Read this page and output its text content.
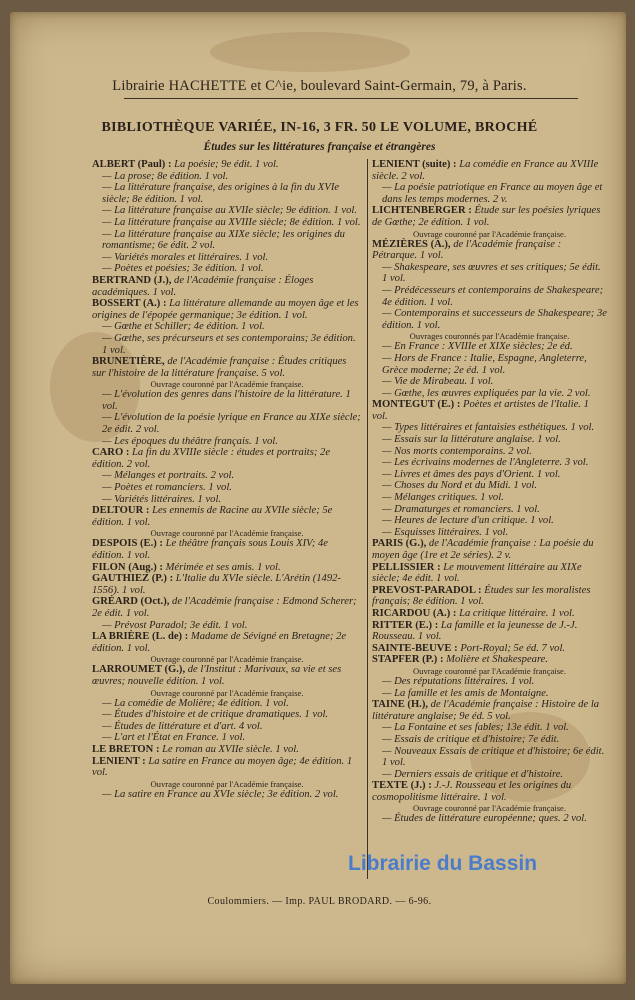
Librairie HACHETTE et C^ie, boulevard Saint-Germain, 79, à Paris.
BIBLIOTHÈQUE VARIÉE, IN-16, 3 FR. 50 LE VOLUME, BROCHÉ
Études sur les littératures française et étrangères

ALBERT (Paul) : La poésie; 9e édit. 1 vol.

— La prose; 8e édition. 1 vol.

— La littérature française, des origines à la fin du XVIe siècle; 8e édition. 1 vol.

— La littérature française au XVIIe siècle; 9e édition. 1 vol.

— La littérature française au XVIIIe siècle; 8e édition. 1 vol.

— La littérature française au XIXe siècle; les origines du romantisme; 6e édit. 2 vol.

— Variétés morales et littéraires. 1 vol.

— Poètes et poésies; 3e édition. 1 vol.

BERTRAND (J.), de l'Académie française : Éloges académiques. 1 vol.

BOSSERT (A.) : La littérature allemande au moyen âge et les origines de l'épopée germanique; 3e édition. 1 vol.

— Gœthe et Schiller; 4e édition. 1 vol.

— Gœthe, ses précurseurs et ses contemporains; 3e édition. 1 vol.

BRUNETIÈRE, de l'Académie française : Études critiques sur l'histoire de la littérature française. 5 vol.

Ouvrage couronné par l'Académie française.

— L'évolution des genres dans l'histoire de la littérature. 1 vol.

— L'évolution de la poésie lyrique en France au XIXe siècle; 2e édit. 2 vol.

— Les époques du théâtre français. 1 vol.

CARO : La fin du XVIIIe siècle : études et portraits; 2e édition. 2 vol.

— Mélanges et portraits. 2 vol.

— Poètes et romanciers. 1 vol.

— Variétés littéraires. 1 vol.

DELTOUR : Les ennemis de Racine au XVIIe siècle; 5e édition. 1 vol.

Ouvrage couronné par l'Académie française.

DESPOIS (E.) : Le théâtre français sous Louis XIV; 4e édition. 1 vol.

FILON (Aug.) : Mérimée et ses amis. 1 vol.

GAUTHIEZ (P.) : L'Italie du XVIe siècle. L'Arétin (1492-1556). 1 vol.

GRÉARD (Oct.), de l'Académie française : Edmond Scherer; 2e édit. 1 vol.

— Prévost Paradol; 3e édit. 1 vol.

LA BRIÈRE (L. de) : Madame de Sévigné en Bretagne; 2e édition. 1 vol.

Ouvrage couronné par l'Académie française.

LARROUMET (G.), de l'Institut : Marivaux, sa vie et ses œuvres; nouvelle édition. 1 vol.

Ouvrage couronné par l'Académie française.

— La comédie de Molière; 4e édition. 1 vol.

— Études d'histoire et de critique dramatiques. 1 vol.

— Études de littérature et d'art. 4 vol.

— L'art et l'État en France. 1 vol.

LE BRETON : Le roman au XVIIe siècle. 1 vol.

LENIENT : La satire en France au moyen âge; 4e édition. 1 vol.

Ouvrage couronné par l'Académie française.

— La satire en France au XVIe siècle; 3e édition. 2 vol.

LENIENT (suite) : La comédie en France au XVIIIe siècle. 2 vol.

— La poésie patriotique en France au moyen âge et dans les temps modernes. 2 v.

LICHTENBERGER : Étude sur les poésies lyriques de Gœthe; 2e édition. 1 vol.

Ouvrage couronné par l'Académie française.

MÉZIÈRES (A.), de l'Académie française : Pétrarque. 1 vol.

— Shakespeare, ses œuvres et ses critiques; 5e édit. 1 vol.

— Prédécesseurs et contemporains de Shakespeare; 4e édition. 1 vol.

— Contemporains et successeurs de Shakespeare; 3e édition. 1 vol.

Ouvrages couronnés par l'Académie française.

— En France : XVIIIe et XIXe siècles; 2e éd.

— Hors de France : Italie, Espagne, Angleterre, Grèce moderne; 2e éd. 1 vol.

— Vie de Mirabeau. 1 vol.

— Gœthe, les œuvres expliquées par la vie. 2 vol.

MONTEGUT (E.) : Poètes et artistes de l'Italie. 1 vol.

— Types littéraires et fantaisies esthétiques. 1 vol.

— Essais sur la littérature anglaise. 1 vol.

— Nos morts contemporains. 2 vol.

— Les écrivains modernes de l'Angleterre. 3 vol.

— Livres et âmes des pays d'Orient. 1 vol.

— Choses du Nord et du Midi. 1 vol.

— Mélanges critiques. 1 vol.

— Dramaturges et romanciers. 1 vol.

— Heures de lecture d'un critique. 1 vol.

— Esquisses littéraires. 1 vol.

PARIS (G.), de l'Académie française : La poésie du moyen âge (1re et 2e séries). 2 v.

PELLISSIER : Le mouvement littéraire au XIXe siècle; 4e édit. 1 vol.

PREVOST-PARADOL : Études sur les moralistes français; 8e édition. 1 vol.

RICARDOU (A.) : La critique littéraire. 1 vol.

RITTER (E.) : La famille et la jeunesse de J.-J. Rousseau. 1 vol.

SAINTE-BEUVE : Port-Royal; 5e éd. 7 vol.

STAPFER (P.) : Molière et Shakespeare.

Ouvrage couronné par l'Académie française.

— Des réputations littéraires. 1 vol.

— La famille et les amis de Montaigne.

TAINE (H.), de l'Académie française : Histoire de la littérature anglaise; 9e éd. 5 vol.

— La Fontaine et ses fables; 13e édit. 1 vol.

— Essais de critique et d'histoire; 7e édit.

— Nouveaux Essais de critique et d'histoire; 6e édit. 1 vol.

— Derniers essais de critique et d'histoire.

TEXTE (J.) : J.-J. Rousseau et les origines du cosmopolitisme littéraire. 1 vol.

Ouvrage couronné par l'Académie française.

— Études de littérature européenne; ques. 2 vol.

Coulommiers. — Imp. PAUL BRODARD. — 6-96.
Librairie du Bassin
